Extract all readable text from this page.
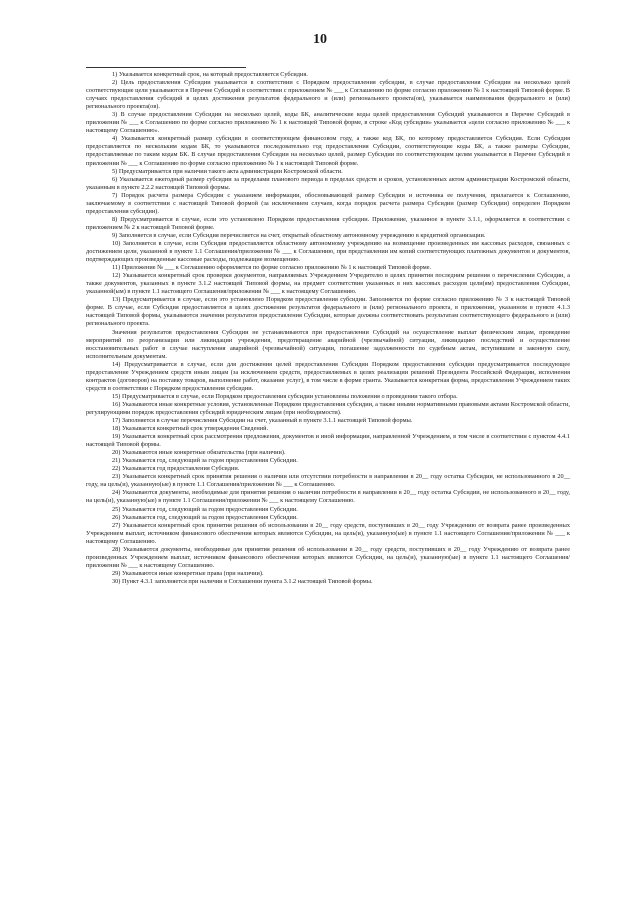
10

1) Указывается конкретный срок, на который предоставляется Субсидия.

2) Цель предоставления Субсидии указывается в соответствии с Порядком предоставления субсидии, в случае предоставления Субсидии на несколько целей соответствующие цели указываются в Перечне Субсидий в соответствии с приложением № ___ к Соглашению по форме согласно приложению № 1 к настоящей Типовой форме. В случаях предоставления субсидий в целях достижения результатов федерального и (или) регионального проекта(ов), указывается наименования федерального и (или) регионального проекта(ов).

3) В случае предоставления Субсидии на несколько целей, коды БК, аналитические коды целей предоставления Субсидий указываются в Перечне Субсидий в приложении № ___ к Соглашению по форме согласно приложению № 1 к настоящей Типовой форме, в строке «Код субсидии» указывается «цели согласно приложению № ___ к настоящему Соглашению».

4) Указывается конкретный размер субсидии в соответствующем финансовом году, а также код БК, по которому предоставляется Субсидия. Если Субсидия предоставляется по нескольким кодам БК, то указываются последовательно год предоставления Субсидии, соответствующие коды БК, а также размеры Субсидии, предоставляемые по таким кодам БК. В случае предоставления Субсидии на несколько целей, размер Субсидии по соответствующим целям указывается в Перечне Субсидий в приложении № ___ к Соглашению по форме согласно приложению № 1 к настоящей Типовой форме.

5) Предусматривается при наличии такого акта администрации Костромской области.

6) Указывается ежегодный размер субсидии за пределами планового периода в пределах средств и сроков, установленных актом администрации Костромской области, указанным в пункте 2.2.2 настоящей Типовой формы.

7) Порядок расчета размера Субсидии с указанием информации, обосновывающей размер Субсидии и источника ее получения, прилагается к Соглашению, заключаемому в соответствии с настоящей Типовой формой (за исключением случаев, когда порядок расчета размера Субсидии (размер Субсидии) определен Порядком предоставления субсидии).

8) Предусматривается в случае, если это установлено Порядком предоставления субсидии. Приложение, указанное в пункте 3.1.1, оформляется в соответствии с приложением № 2 к настоящей Типовой форме.

9) Заполняется в случае, если Субсидия перечисляется на счет, открытый областному автономному учреждению в кредитной организации.

10) Заполняется в случае, если Субсидия предоставляется областному автономному учреждению на возмещение произведенных им кассовых расходов, связанных с достижением цели, указанной в пункте 1.1 Соглашения/приложении № ___ к Соглашению, при представлении им копий соответствующих платежных документов и документов, подтверждающих произведенные кассовые расходы, подлежащие возмещению.

11) Приложение № ___ к Соглашению оформляется по форме согласно приложению № 1 к настоящей Типовой форме.

12) Указывается конкретный срок проверки документов, направляемых Учреждением Учредителю в целях принятия последним решения о перечислении Субсидии, а также документов, указанных в пункте 3.1.2 настоящей Типовой формы, на предмет соответствия указанных в них кассовых расходов цели(ям) предоставления Субсидии, указанной(ым) в пункте 1.1 настоящего Соглашения/приложении № ___ к настоящему Соглашению.

13) Предусматривается в случае, если это установлено Порядком предоставления субсидии. Заполняется по форме согласно приложению № 3 к настоящей Типовой форме. В случае, если Субсидия предоставляется в целях достижения результатов федерального и (или) регионального проекта, в приложении, указанном в пункте 4.1.3 настоящей Типовой формы, указываются значения результатов предоставления Субсидии, которые должны соответствовать результатам соответствующего федерального и (или) регионального проекта.

Значения результатов предоставления Субсидии не устанавливаются при предоставлении Субсидий на осуществление выплат физическим лицам, проведение мероприятий по реорганизации или ликвидации учреждения, предотвращение аварийной (чрезвычайной) ситуации, ликвидацию последствий и осуществление восстановительных работ в случае наступления аварийной (чрезвычайной) ситуации, погашение задолженности по судебным актам, вступившим в законную силу, исполнительным документам.

14) Предусматривается в случае, если для достижения целей предоставления Субсидии Порядком предоставления субсидии предусматривается последующее предоставление Учреждением средств иным лицам (за исключением средств, предоставляемых в целях реализации решений Президента Российской Федерации, исполнения контрактов (договоров) на поставку товаров, выполнение работ, оказание услуг), в том числе в форме гранта. Указывается конкретная форма, предоставления Учреждением таких средств в соответствии с Порядком предоставления субсидии.

15) Предусматривается в случае, если Порядком предоставления субсидии установлены положения о проведении такого отбора.

16) Указываются иные конкретные условия, установленные Порядком предоставления субсидии, а также иными нормативными правовыми актами Костромской области, регулирующими порядок предоставления субсидий юридическим лицам (при необходимости).

17) Заполняется в случае перечисления Субсидии на счет, указанный в пункте 3.1.1 настоящей Типовой формы.

18) Указывается конкретный срок утверждения Сведений.

19) Указывается конкретный срок рассмотрения предложения, документов и иной информации, направленной Учреждением, в том числе в соответствии с пунктом 4.4.1 настоящей Типовой формы.

20) Указываются иные конкретные обязательства (при наличии).

21) Указывается год, следующий за годом предоставления Субсидии.

22) Указывается год предоставления Субсидии.

23) Указывается конкретный срок принятия решения о наличии или отсутствии потребности в направлении в 20__ году остатка Субсидии, не использованного в 20__ году, на цель(и), указанную(ые) в пункте 1.1 Соглашения/приложении № ___ к Соглашению.

24) Указываются документы, необходимые для принятия решения о наличии потребности в направлении в 20__ году остатка Субсидии, не использованного в 20__ году, на цель(и), указанную(ые) в пункте 1.1 Соглашения/приложении № ___ к настоящему Соглашению.

25) Указывается год, следующий за годом предоставления Субсидии.

26) Указывается год, следующий за годом предоставления Субсидии.

27) Указывается конкретный срок принятия решения об использовании в 20__ году средств, поступивших в 20__ году Учреждению от возврата ранее произведенных Учреждением выплат, источником финансового обеспечения которых являются Субсидии, на цель(и), указанную(ые) в пункте 1.1 настоящего Соглашения/приложении № ___ к настоящему Соглашению.

28) Указываются документы, необходимые для принятия решения об использовании в 20__ году средств, поступивших в 20__ году Учреждению от возврата ранее произведенных Учреждением выплат, источником финансового обеспечения которых являются Субсидии, на цель(и), указанную(ые) в пункте 1.1 настоящего Соглашения/приложении № ___ к настоящему Соглашению.

29) Указываются иные конкретные права (при наличии).

30) Пункт 4.3.1 заполняется при наличии в Соглашении пункта 3.1.2 настоящей Типовой формы.
